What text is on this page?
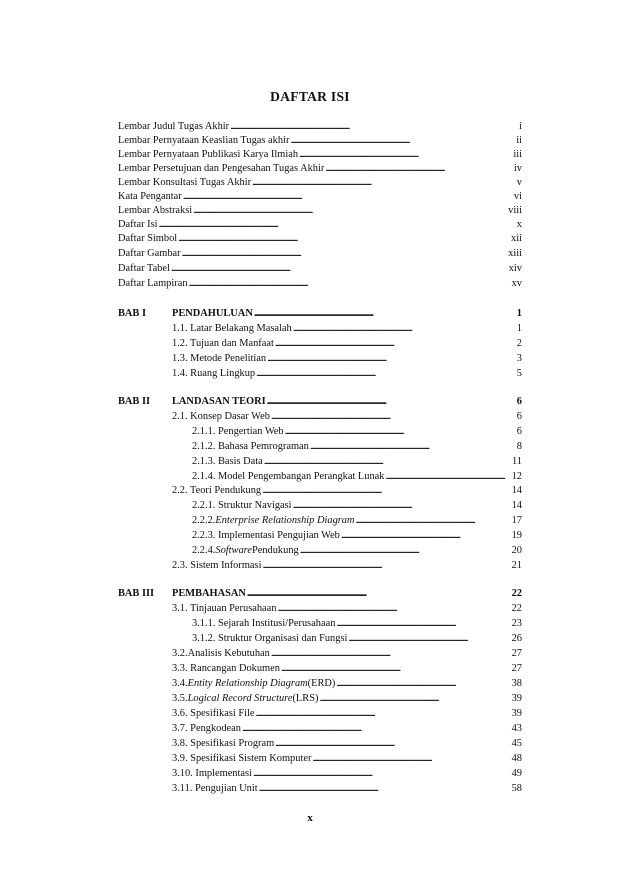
DAFTAR ISI
Lembar Judul Tugas Akhir . . .	i
Lembar Pernyataan Keaslian Tugas akhir . . .	ii
Lembar Pernyataan Publikasi Karya Ilmiah . . .	iii
Lembar Persetujuan dan Pengesahan Tugas Akhir . . .	iv
Lembar Konsultasi Tugas Akhir . . .	v
Kata Pengantar . . .	vi
Lembar Abstraksi . . .	viii
Daftar Isi . . .	x
Daftar Simbol . . .	xii
Daftar Gambar . . .	xiii
Daftar Tabel . . .	xiv
Daftar Lampiran . . .	xv
BAB I	PENDAHULUAN . . .	1
1.1. Latar Belakang Masalah . . .	1
1.2. Tujuan dan Manfaat . . .	2
1.3. Metode Penelitian . . .	3
1.4. Ruang Lingkup . . .	5
BAB II	LANDASAN TEORI . . .	6
2.1. Konsep Dasar Web . . .	6
2.1.1. Pengertian Web . . .	6
2.1.2. Bahasa Pemrograman . . .	8
2.1.3. Basis Data . . .	11
2.1.4. Model Pengembangan Perangkat Lunak . . .	12
2.2. Teori Pendukung . . .	14
2.2.1. Struktur Navigasi . . .	14
2.2.2. Enterprise Relationship Diagram . . .	17
2.2.3. Implementasi Pengujian Web . . .	19
2.2.4. Software Pendukung . . .	20
2.3. Sistem Informasi . . .	21
BAB III	PEMBAHASAN . . .	22
3.1. Tinjauan Perusahaan . . .	22
3.1.1. Sejarah Institusi/Perusahaan . . .	23
3.1.2. Struktur Organisasi dan Fungsi . . .	26
3.2.Analisis Kebutuhan . . .	27
3.3. Rancangan Dokumen . . .	27
3.4. Entity Relationship Diagram (ERD) . . .	38
3.5. Logical Record Structure (LRS) . . .	39
3.6. Spesifikasi File . . .	39
3.7. Pengkodean . . .	43
3.8. Spesifikasi Program . . .	45
3.9. Spesifikasi Sistem Komputer . . .	48
3.10. Implementasi . . .	49
3.11. Pengujian Unit . . .	58
x
